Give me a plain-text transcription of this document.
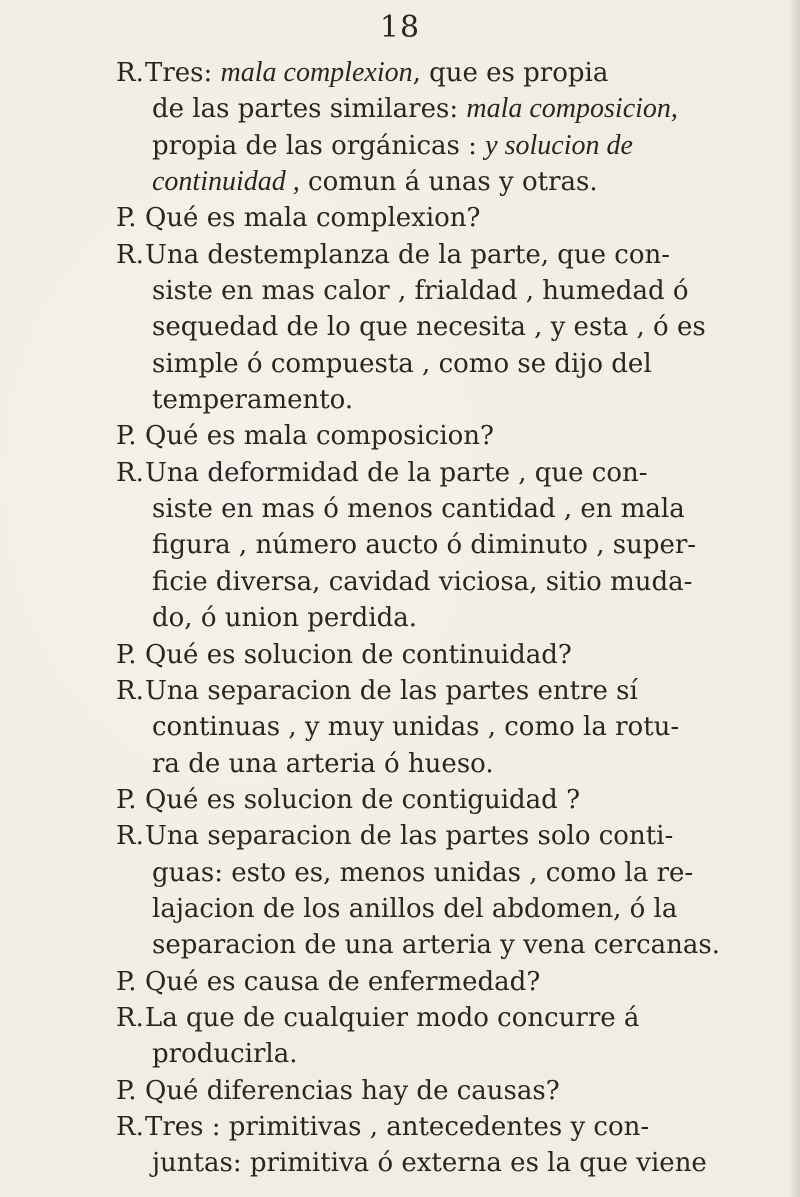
18
R. Tres: mala complexion, que es propia
de las partes similares: mala composicion,
propia de las orgánicas : y solucion de
continuidad , comun á unas y otras.
P. Qué es mala complexion?
R. Una destemplanza de la parte, que con-
siste en mas calor , frialdad , humedad ó
sequedad de lo que necesita , y esta , ó es
simple ó compuesta , como se dijo del
temperamento.
P. Qué es mala composicion?
R. Una deformidad de la parte , que con-
siste en mas ó menos cantidad , en mala
figura , número aucto ó diminuto , super-
ficie diversa, cavidad viciosa, sitio muda-
do, ó union perdida.
P. Qué es solucion de continuidad?
R. Una separacion de las partes entre sí
continuas , y muy unidas , como la rotu-
ra de una arteria ó hueso.
P. Qué es solucion de contiguidad ?
R. Una separacion de las partes solo conti-
guas: esto es, menos unidas , como la re-
lajacion de los anillos del abdomen, ó la
separacion de una arteria y vena cercanas.
P. Qué es causa de enfermedad?
R. La que de cualquier modo concurre á
producirla.
P. Qué diferencias hay de causas?
R. Tres : primitivas , antecedentes y con-
juntas: primitiva ó externa es la que viene
